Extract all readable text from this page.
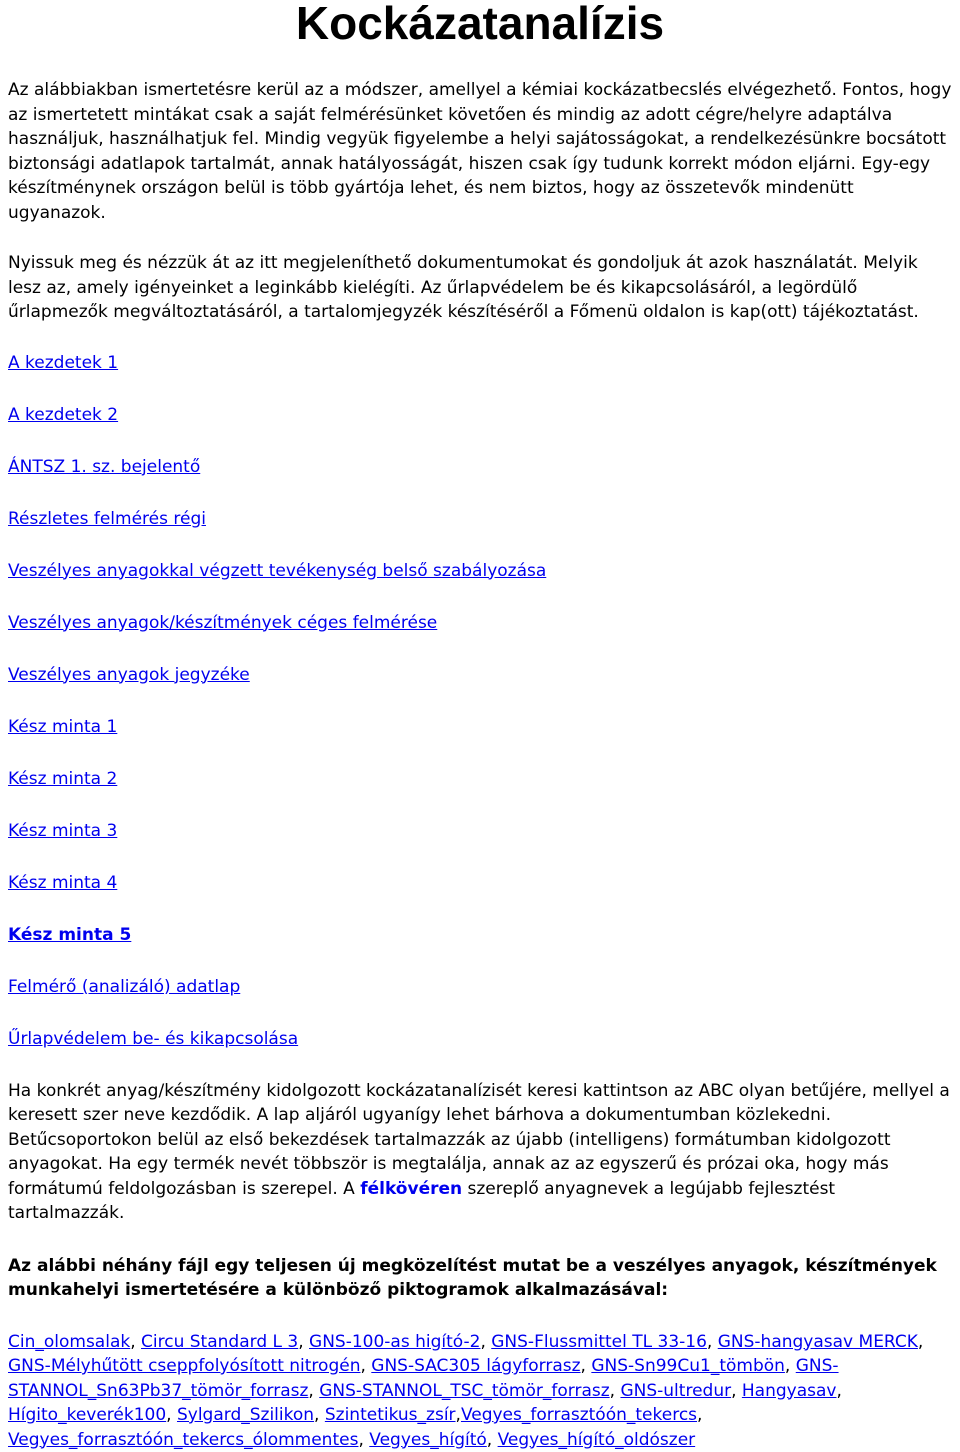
Kockázatanalízis

Az alábbiakban ismertetésre kerül az a módszer, amellyel a kémiai kockázatbecslés elvégezhető. Fontos, hogy az ismertetett mintákat csak a saját felmérésünket követően és mindig az adott cégre/helyre adaptálva használjuk, használhatjuk fel. Mindig vegyük figyelembe a helyi sajátosságokat, a rendelkezésünkre bocsátott biztonsági adatlapok tartalmát, annak hatályosságát, hiszen csak így tudunk korrekt módon eljárni. Egy-egy készítménynek országon belül is több gyártója lehet, és nem biztos, hogy az összetevők mindenütt ugyanazok.

Nyissuk meg és nézzük át az itt megjeleníthető dokumentumokat és gondoljuk át azok használatát. Melyik lesz az, amely igényeinket a leginkább kielégíti. Az űrlapvédelem be és kikapcsolásáról, a legördülő űrlapmezők megváltoztatásáról, a tartalomjegyzék készítéséről a Főmenü oldalon is kap(ott) tájékoztatást.

A kezdetek 1
A kezdetek 2
ÁNTSZ 1. sz. bejelentő
Részletes felmérés régi
Veszélyes anyagokkal végzett tevékenység belső szabályozása
Veszélyes anyagok/készítmények céges felmérése
Veszélyes anyagok jegyzéke
Kész minta 1
Kész minta 2
Kész minta 3
Kész minta 4
Kész minta 5
Felmérő (analizáló) adatlap
Űrlapvédelem be- és kikapcsolása

Ha konkrét anyag/készítmény kidolgozott kockázatanalízisét keresi kattintson az ABC olyan betűjére, mellyel a keresett szer neve kezdődik. A lap aljáról ugyanígy lehet bárhova a dokumentumban közlekedni. Betűcsoportokon belül az első bekezdések tartalmazzák az újabb (intelligens) formátumban kidolgozott anyagokat. Ha egy termék nevét többször is megtalálja, annak az az egyszerű és prózai oka, hogy más formátumú feldolgozásban is szerepel. A félkövéren szereplő anyagnevek a legújabb fejlesztést tartalmazzák.

Az alábbi néhány fájl egy teljesen új megközelítést mutat be a veszélyes anyagok, készítmények munkahelyi ismertetésére a különböző piktogramok alkalmazásával:

Cin_olomsalak, Circu Standard L 3, GNS-100-as higító-2, GNS-Flussmittel TL 33-16, GNS-hangyasav MERCK, GNS-Mélyhűtött cseppfolyósított nitrogén, GNS-SAC305 lágyforrasz, GNS-Sn99Cu1_tömbön, GNS-STANNOL_Sn63Pb37_tömör_forrasz, GNS-STANNOL_TSC_tömör_forrasz, GNS-ultredur, Hangyasav, Hígito_keverék100, Sylgard_Szilikon, Szintetikus_zsír,Vegyes_forrasztóón_tekercs, Vegyes_forrasztóón_tekercs_ólommentes, Vegyes_hígító, Vegyes_hígító_oldószer
